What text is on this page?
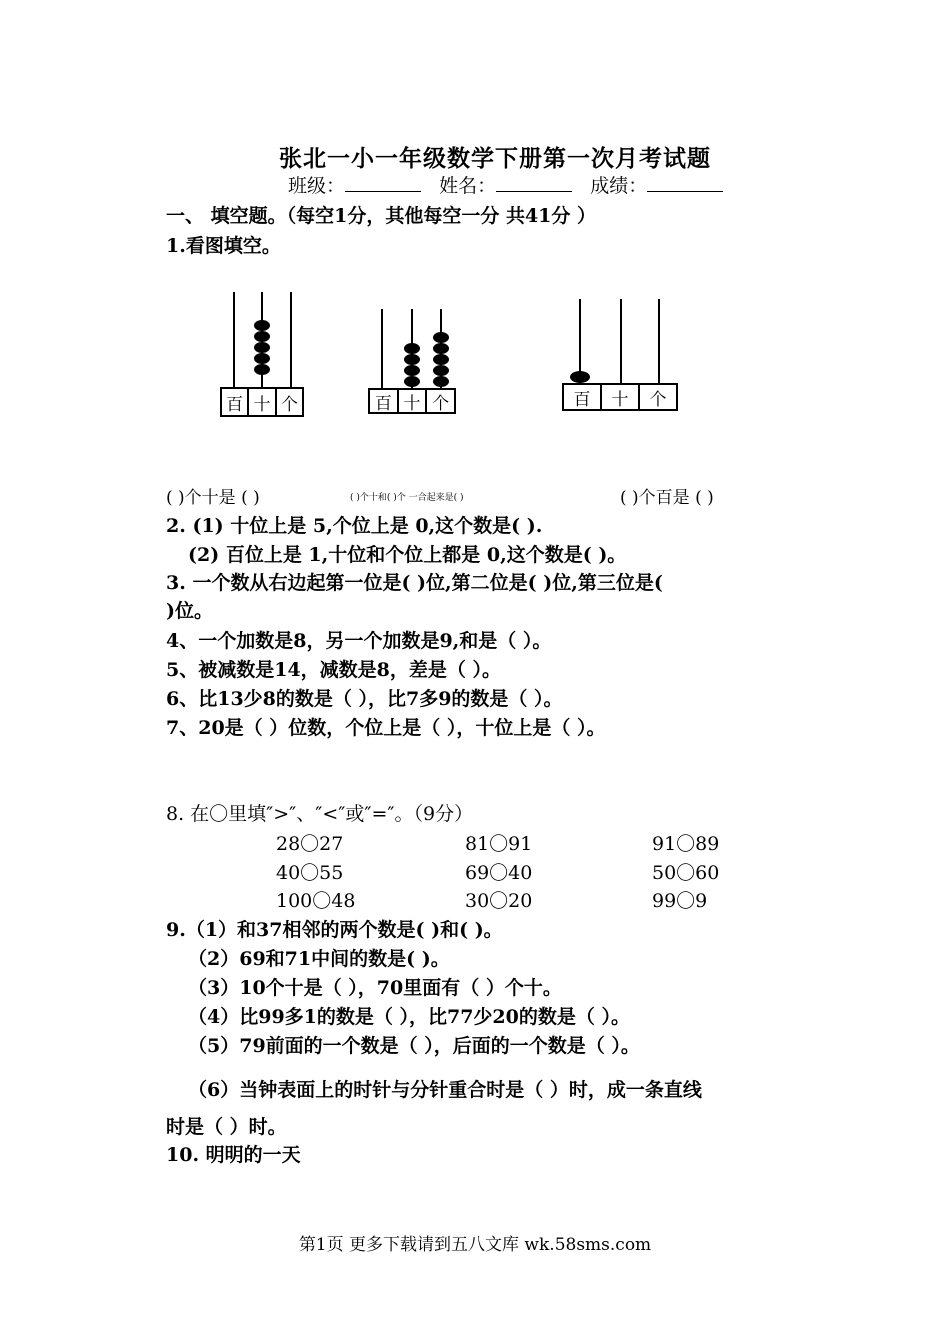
张北一小一年级数学下册第一次月考试题
班级：	姓名：	成绩：
一、 填空题。（每空1分，其他每空一分 共41分 ）
1.看图填空。
百 十 个	百 十 个	百	十	个
( )个十是 ( )	( )个十和( )个 一合起来是( )	( )个百是 ( )
2. (1) 十位上是 5,个位上是 0,这个数是( ).
(2) 百位上是 1,十位和个位上都是 0,这个数是( )。
3. 一个数从右边起第一位是( )位,第二位是( )位,第三位是(
)位。
4、一个加数是8，另一个加数是9,和是（ ）。
5、被减数是14，减数是8，差是（ ）。
6、比13少8的数是（ ），比7多9的数是（ ）。
7、20是（ ）位数，个位上是（ ），十位上是（ ）。
8. 在〇里填″>″、″<″或″=″。（9分）
28〇27	81〇91	91〇89
40〇55	69〇40	50〇60
100〇48	30〇20	99〇9
9.（1）和37相邻的两个数是( )和( )。
（2）69和71中间的数是( )。
（3）10个十是（ ），70里面有（ ）个十。
（4）比99多1的数是（ ），比77少20的数是（ ）。
（5）79前面的一个数是（ ），后面的一个数是（ ）。
（6）当钟表面上的时针与分针重合时是（ ）时，成一条直线
时是（ ）时。
10. 明明的一天
第1页 更多下载请到五八文库 wk.58sms.com
